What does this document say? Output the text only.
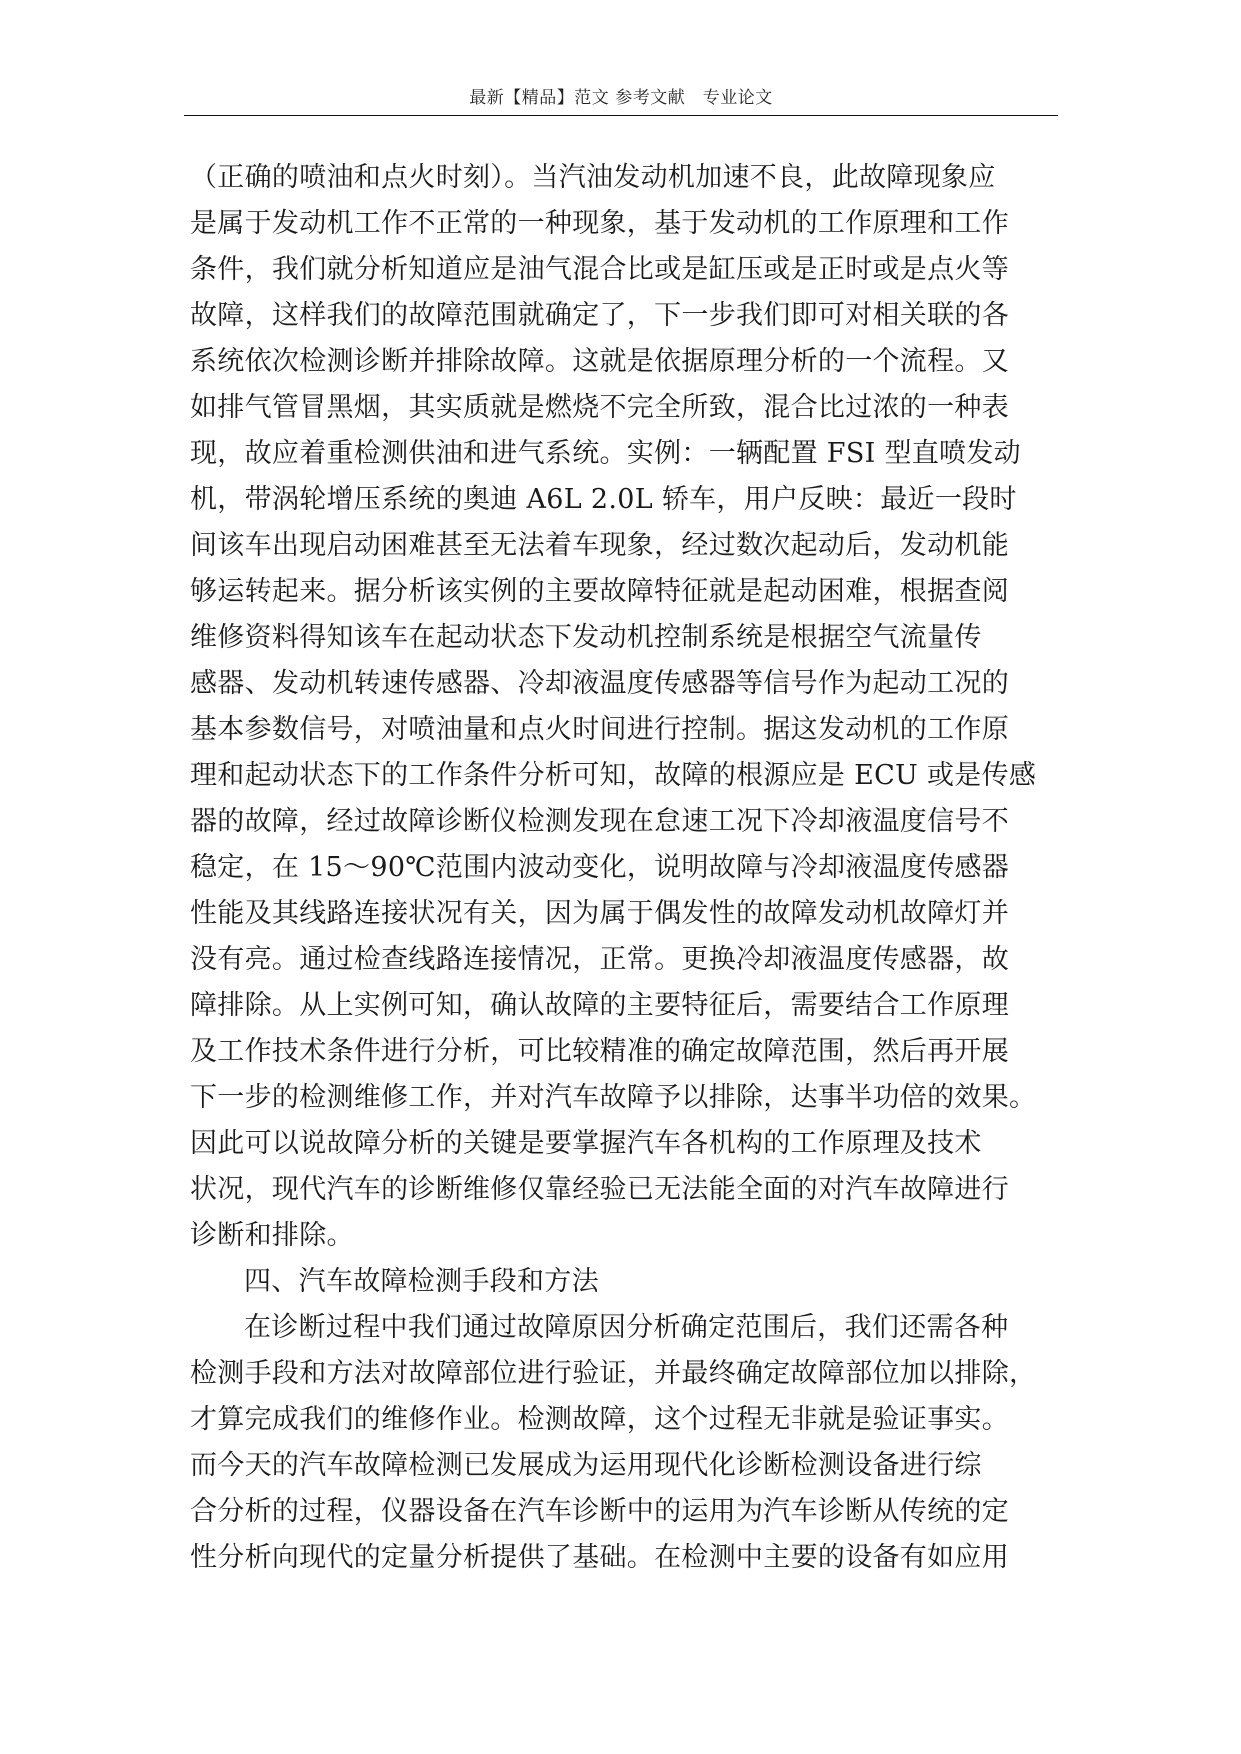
最新【精品】范文 参考文献　专业论文
（正确的喷油和点火时刻）。当汽油发动机加速不良，此故障现象应
是属于发动机工作不正常的一种现象，基于发动机的工作原理和工作
条件，我们就分析知道应是油气混合比或是缸压或是正时或是点火等
故障，这样我们的故障范围就确定了，下一步我们即可对相关联的各
系统依次检测诊断并排除故障。这就是依据原理分析的一个流程。又
如排气管冒黑烟，其实质就是燃烧不完全所致，混合比过浓的一种表
现，故应着重检测供油和进气系统。实例：一辆配置 FSI 型直喷发动
机，带涡轮增压系统的奥迪 A6L 2.0L 轿车，用户反映：最近一段时
间该车出现启动困难甚至无法着车现象，经过数次起动后，发动机能
够运转起来。据分析该实例的主要故障特征就是起动困难，根据查阅
维修资料得知该车在起动状态下发动机控制系统是根据空气流量传
感器、发动机转速传感器、冷却液温度传感器等信号作为起动工况的
基本参数信号，对喷油量和点火时间进行控制。据这发动机的工作原
理和起动状态下的工作条件分析可知，故障的根源应是 ECU 或是传感
器的故障，经过故障诊断仪检测发现在怠速工况下冷却液温度信号不
稳定，在 15～90℃范围内波动变化，说明故障与冷却液温度传感器
性能及其线路连接状况有关，因为属于偶发性的故障发动机故障灯并
没有亮。通过检查线路连接情况，正常。更换冷却液温度传感器，故
障排除。从上实例可知，确认故障的主要特征后，需要结合工作原理
及工作技术条件进行分析，可比较精准的确定故障范围，然后再开展
下一步的检测维修工作，并对汽车故障予以排除，达事半功倍的效果。
因此可以说故障分析的关键是要掌握汽车各机构的工作原理及技术
状况，现代汽车的诊断维修仅靠经验已无法能全面的对汽车故障进行
诊断和排除。
四、汽车故障检测手段和方法
在诊断过程中我们通过故障原因分析确定范围后，我们还需各种
检测手段和方法对故障部位进行验证，并最终确定故障部位加以排除，
才算完成我们的维修作业。检测故障，这个过程无非就是验证事实。
而今天的汽车故障检测已发展成为运用现代化诊断检测设备进行综
合分析的过程，仪器设备在汽车诊断中的运用为汽车诊断从传统的定
性分析向现代的定量分析提供了基础。在检测中主要的设备有如应用
